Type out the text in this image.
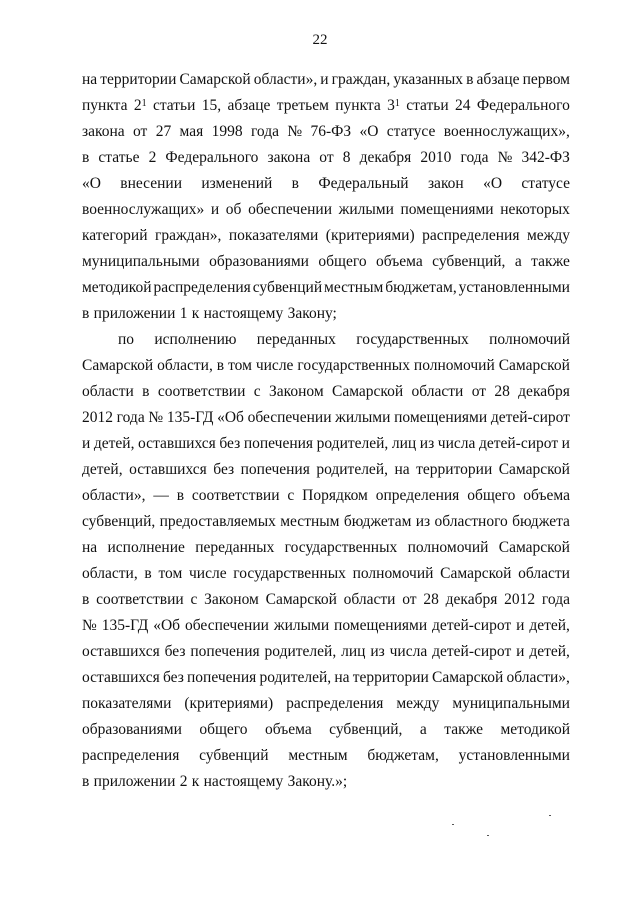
22
на территории Самарской области», и граждан, указанных в абзаце первом
пункта $2^1$ статьи 15, абзаце третьем пункта $3^1$ статьи 24 Федерального
закона от 27 мая 1998 года № 76-ФЗ «О статусе военнослужащих»,
в статье 2 Федерального закона от 8 декабря 2010 года № 342-ФЗ
«О внесении изменений в Федеральный закон «О статусе
военнослужащих» и об обеспечении жилыми помещениями некоторых
категорий граждан», показателями (критериями) распределения между
муниципальными образованиями общего объема субвенций, а также
методикой распределения субвенций местным бюджетам, установленными
в приложении 1 к настоящему Закону;
по исполнению переданных государственных полномочий
Самарской области, в том числе государственных полномочий Самарской
области в соответствии с Законом Самарской области от 28 декабря
2012 года № 135-ГД «Об обеспечении жилыми помещениями детей-сирот
и детей, оставшихся без попечения родителей, лиц из числа детей-сирот и
детей, оставшихся без попечения родителей, на территории Самарской
области», — в соответствии с Порядком определения общего объема
субвенций, предоставляемых местным бюджетам из областного бюджета
на исполнение переданных государственных полномочий Самарской
области, в том числе государственных полномочий Самарской области
в соответствии с Законом Самарской области от 28 декабря 2012 года
№ 135-ГД «Об обеспечении жилыми помещениями детей-сирот и детей,
оставшихся без попечения родителей, лиц из числа детей-сирот и детей,
оставшихся без попечения родителей, на территории Самарской области»,
показателями (критериями) распределения между муниципальными
образованиями общего объема субвенций, а также методикой
распределения субвенций местным бюджетам, установленными
в приложении 2 к настоящему Закону.»;
